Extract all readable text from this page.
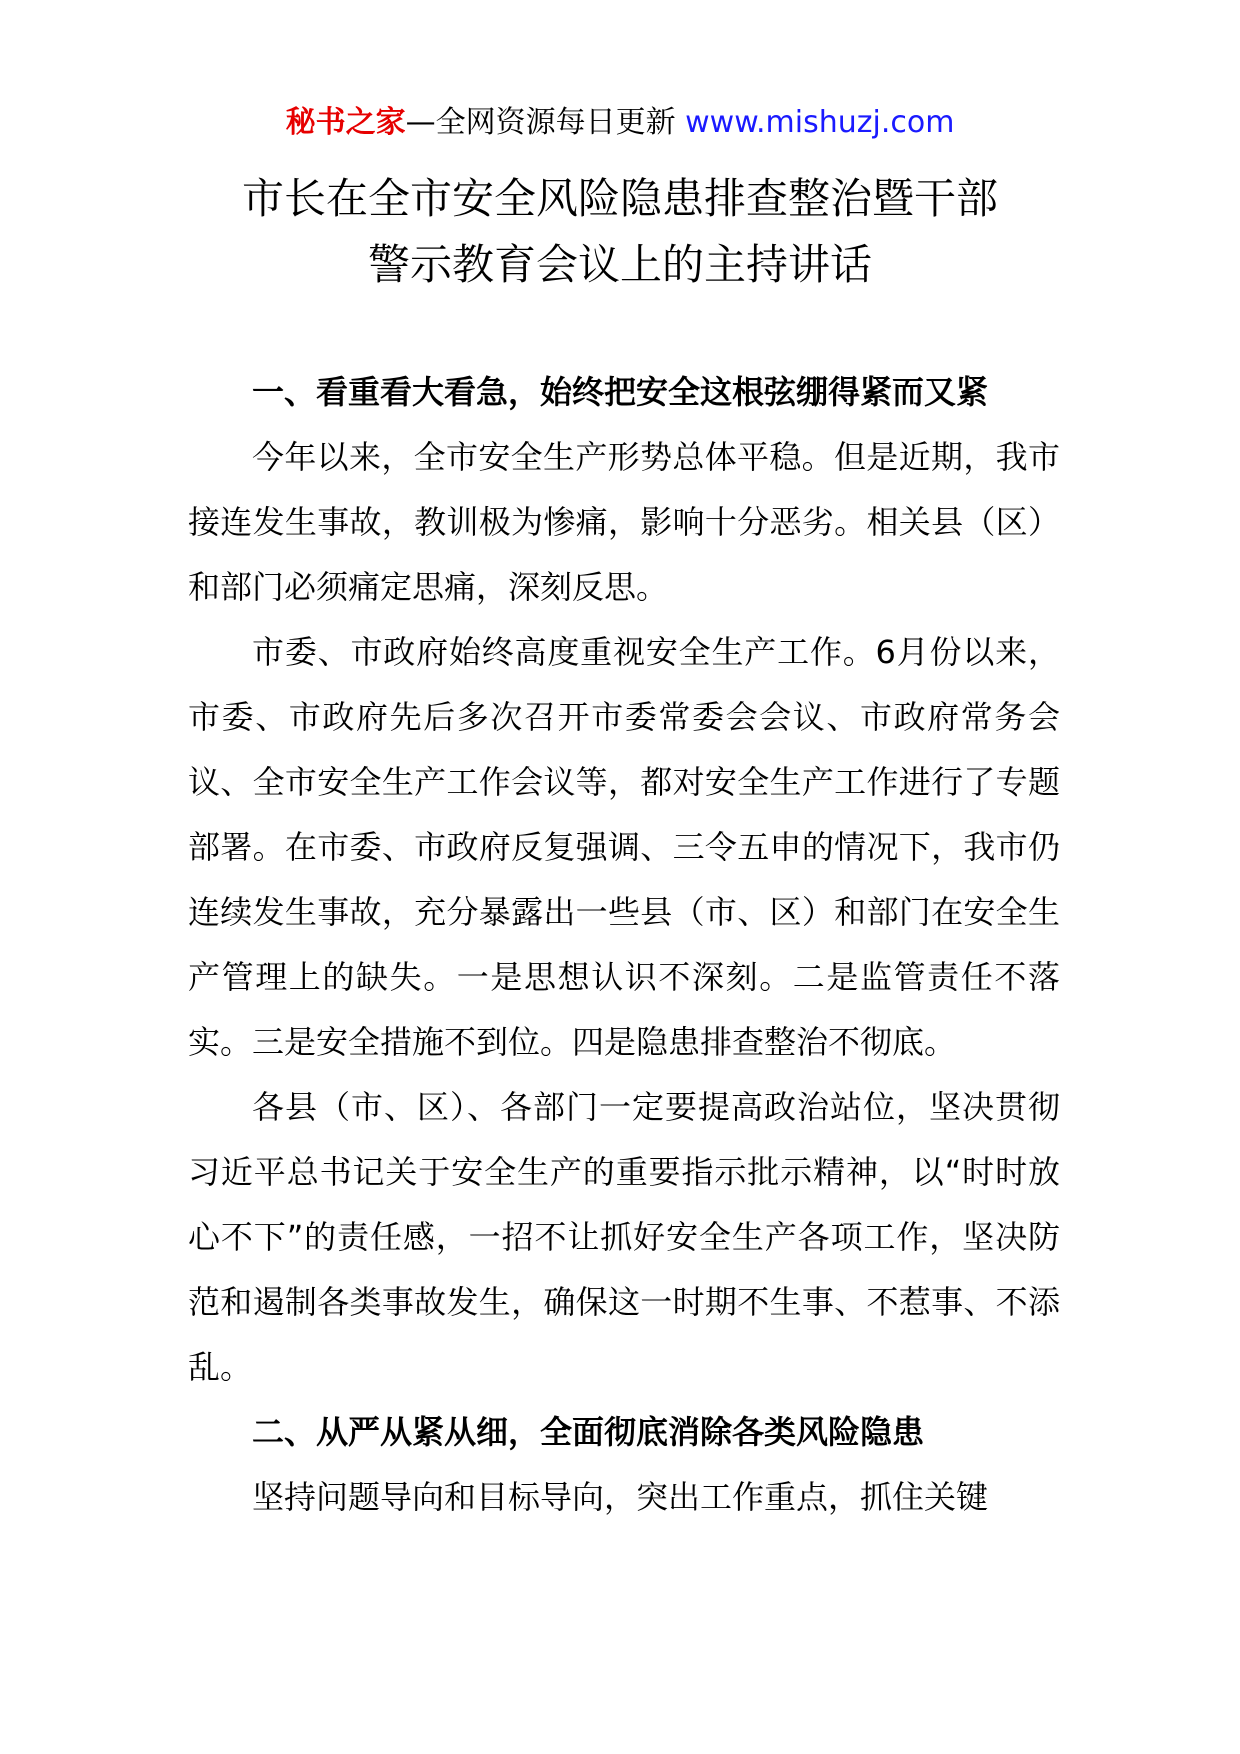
秘书之家—全网资源每日更新 www.mishuzj.com
市长在全市安全风险隐患排查整治暨干部
警示教育会议上的主持讲话

一、看重看大看急，始终把安全这根弦绷得紧而又紧

今年以来，全市安全生产形势总体平稳。但是近期，我市接连发生事故，教训极为惨痛，影响十分恶劣。相关县（区）和部门必须痛定思痛，深刻反思。

市委、市政府始终高度重视安全生产工作。6月份以来，市委、市政府先后多次召开市委常委会会议、市政府常务会议、全市安全生产工作会议等，都对安全生产工作进行了专题部署。在市委、市政府反复强调、三令五申的情况下，我市仍连续发生事故，充分暴露出一些县（市、区）和部门在安全生产管理上的缺失。一是思想认识不深刻。二是监管责任不落实。三是安全措施不到位。四是隐患排查整治不彻底。

各县（市、区）、各部门一定要提高政治站位，坚决贯彻习近平总书记关于安全生产的重要指示批示精神，以“时时放心不下”的责任感，一招不让抓好安全生产各项工作，坚决防范和遏制各类事故发生，确保这一时期不生事、不惹事、不添乱。

二、从严从紧从细，全面彻底消除各类风险隐患

坚持问题导向和目标导向，突出工作重点，抓住关键
